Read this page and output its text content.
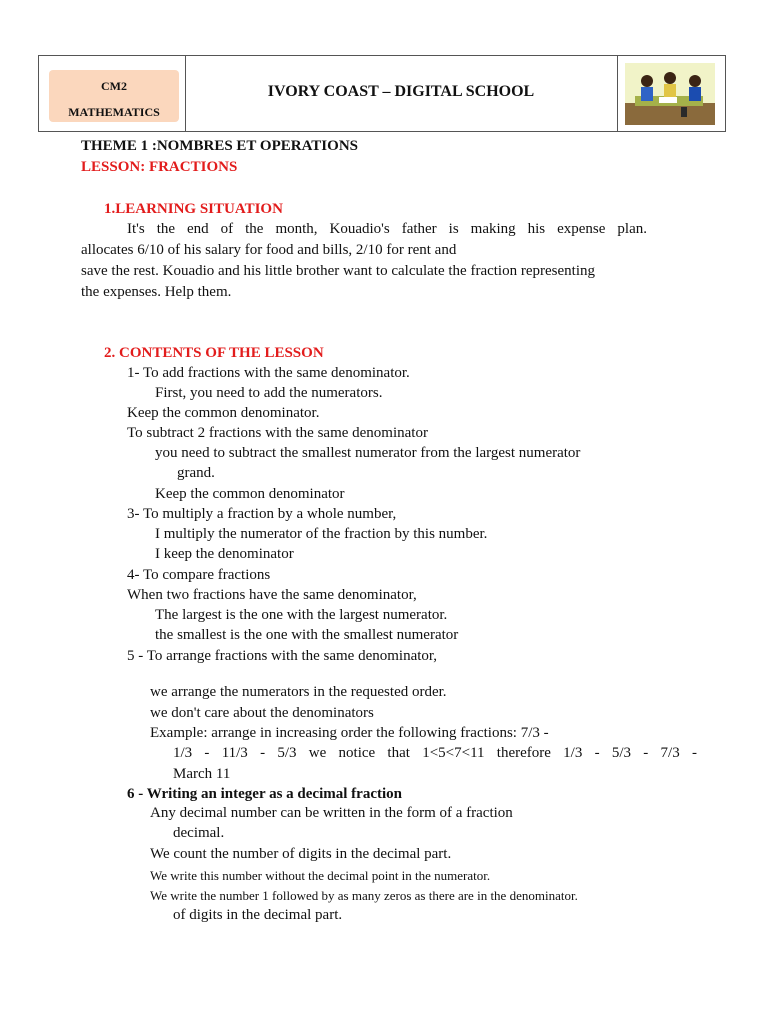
CM2
MATHEMATICS
IVORY COAST – DIGITAL SCHOOL
THEME 1 :NOMBRES ET OPERATIONS
LESSON: FRACTIONS
1.LEARNING SITUATION
It's the end of the month, Kouadio's father is making his expense plan.
allocates 6/10 of his salary for food and bills, 2/10 for rent and
save the rest. Kouadio and his little brother want to calculate the fraction representing
the expenses. Help them.
2. CONTENTS OF THE LESSON
1- To add fractions with the same denominator.
First, you need to add the numerators.
Keep the common denominator.
To subtract 2 fractions with the same denominator
you need to subtract the smallest numerator from the largest numerator
grand.
Keep the common denominator
3- To multiply a fraction by a whole number,
I multiply the numerator of the fraction by this number.
I keep the denominator
4- To compare fractions
When two fractions have the same denominator,
The largest is the one with the largest numerator.
the smallest is the one with the smallest numerator
5 - To arrange fractions with the same denominator,
we arrange the numerators in the requested order.
we don't care about the denominators
Example: arrange in increasing order the following fractions: 7/3 -
1/3 - 11/3 - 5/3 we notice that 1<5<7<11 therefore 1/3 - 5/3 - 7/3 -
March 11
6 - Writing an integer as a decimal fraction
Any decimal number can be written in the form of a fraction
decimal.
We count the number of digits in the decimal part.
We write this number without the decimal point in the numerator.
We write the number 1 followed by as many zeros as there are in the denominator.
of digits in the decimal part.
